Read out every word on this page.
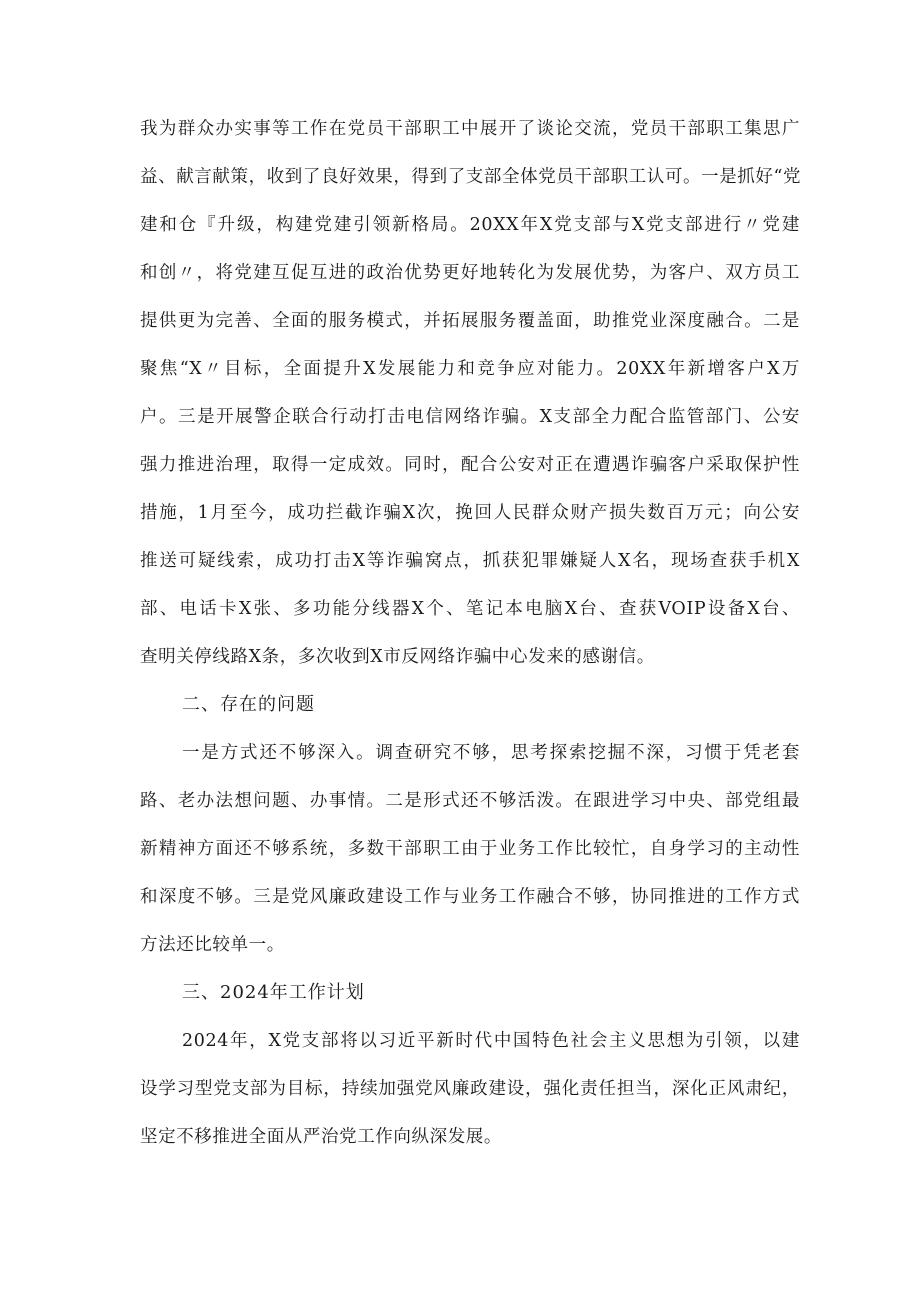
我为群众办实事等工作在党员干部职工中展开了谈论交流，党员干部职工集思广
益、献言献策，收到了良好效果，得到了支部全体党员干部职工认可。一是抓好“党
建和仓『升级，构建党建引领新格局。20XX年X党支部与X党支部进行〃党建
和创〃，将党建互促互进的政治优势更好地转化为发展优势，为客户、双方员工
提供更为完善、全面的服务模式，并拓展服务覆盖面，助推党业深度融合。二是
聚焦“X〃目标，全面提升X发展能力和竞争应对能力。20XX年新增客户X万
户。三是开展警企联合行动打击电信网络诈骗。X支部全力配合监管部门、公安
强力推进治理，取得一定成效。同时，配合公安对正在遭遇诈骗客户采取保护性
措施，1月至今，成功拦截诈骗X次，挽回人民群众财产损失数百万元；向公安
推送可疑线索，成功打击X等诈骗窝点，抓获犯罪嫌疑人X名，现场查获手机X
部、电话卡X张、多功能分线器X个、笔记本电脑X台、查获VOIP设备X台、
查明关停线路X条，多次收到X市反网络诈骗中心发来的感谢信。
二、存在的问题
一是方式还不够深入。调查研究不够，思考探索挖掘不深，习惯于凭老套
路、老办法想问题、办事情。二是形式还不够活泼。在跟进学习中央、部党组最
新精神方面还不够系统，多数干部职工由于业务工作比较忙，自身学习的主动性
和深度不够。三是党风廉政建设工作与业务工作融合不够，协同推进的工作方式
方法还比较单一。
三、2024年工作计划
2024年，X党支部将以习近平新时代中国特色社会主义思想为引领，以建
设学习型党支部为目标，持续加强党风廉政建设，强化责任担当，深化正风肃纪，
坚定不移推进全面从严治党工作向纵深发展。
